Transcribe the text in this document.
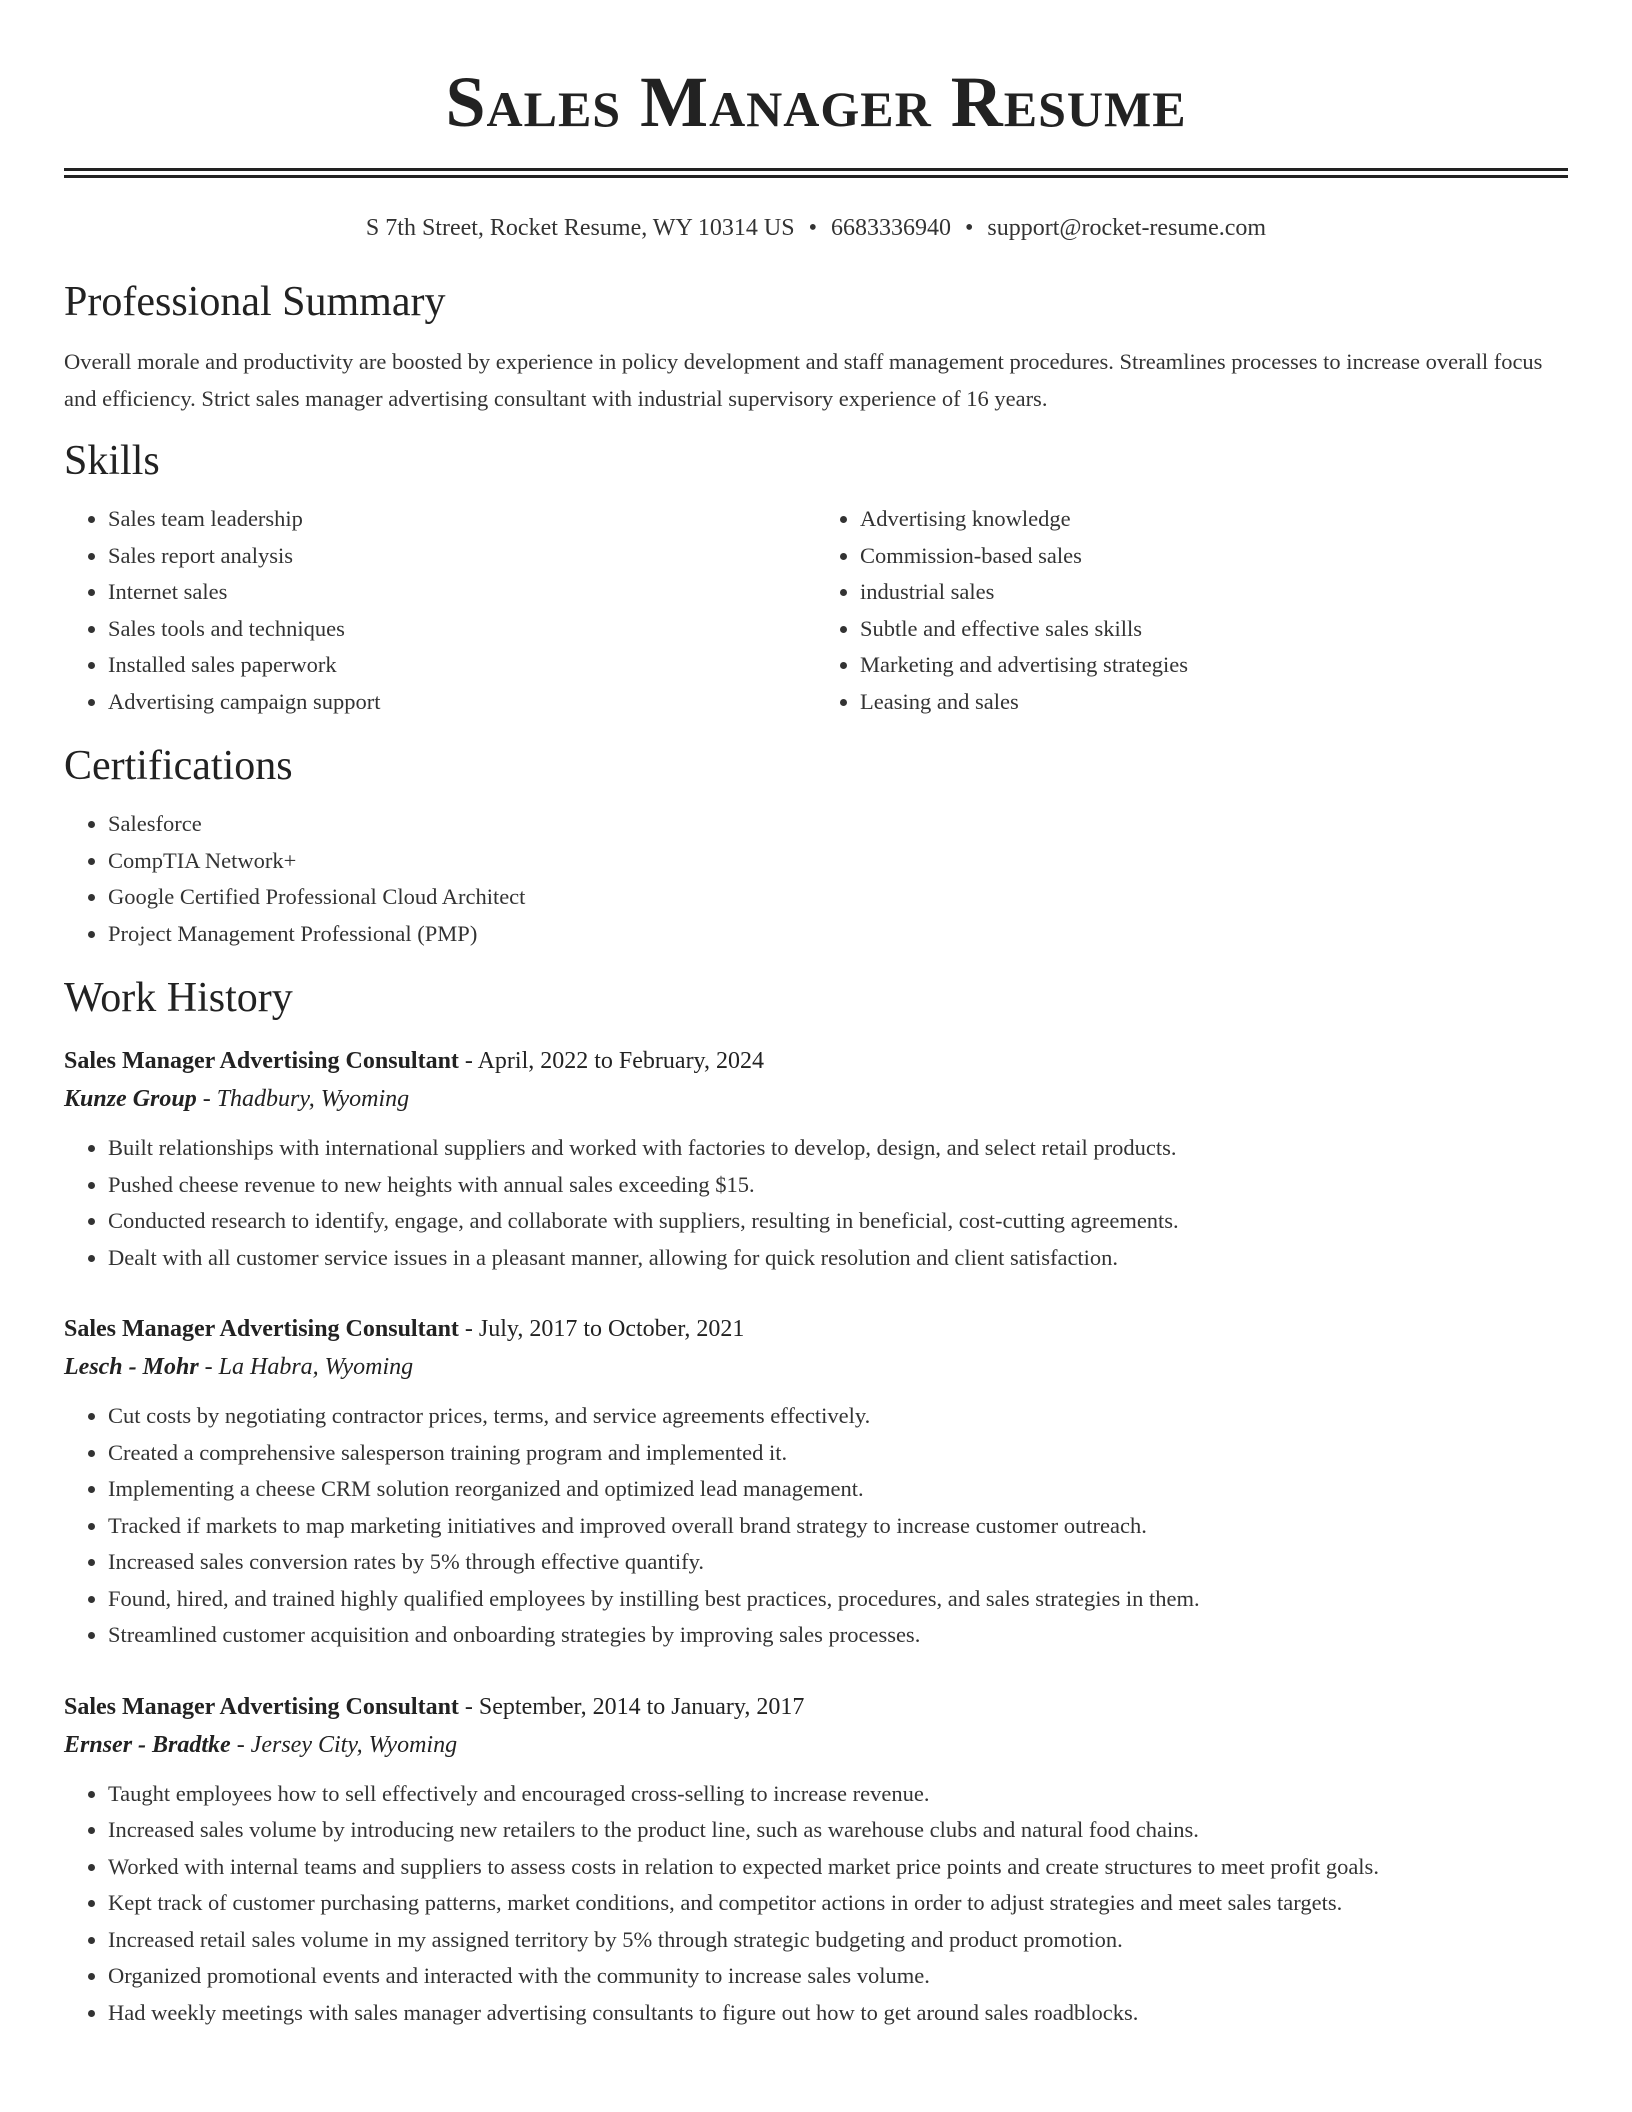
Sales Manager Resume
S 7th Street, Rocket Resume, WY 10314 US • 6683336940 • support@rocket-resume.com
Professional Summary

Overall morale and productivity are boosted by experience in policy development and staff management procedures. Streamlines processes to increase overall focus and efficiency. Strict sales manager advertising consultant with industrial supervisory experience of 16 years.

Skills
• Sales team leadership
• Sales report analysis
• Internet sales
• Sales tools and techniques
• Installed sales paperwork
• Advertising campaign support
• Advertising knowledge
• Commission-based sales
• industrial sales
• Subtle and effective sales skills
• Marketing and advertising strategies
• Leasing and sales
Certifications
• Salesforce
• CompTIA Network+
• Google Certified Professional Cloud Architect
• Project Management Professional (PMP)
Work History
Sales Manager Advertising Consultant - April, 2022 to February, 2024
Kunze Group - Thadbury, Wyoming
• Built relationships with international suppliers and worked with factories to develop, design, and select retail products.
• Pushed cheese revenue to new heights with annual sales exceeding $15.
• Conducted research to identify, engage, and collaborate with suppliers, resulting in beneficial, cost-cutting agreements.
• Dealt with all customer service issues in a pleasant manner, allowing for quick resolution and client satisfaction.
Sales Manager Advertising Consultant - July, 2017 to October, 2021
Lesch - Mohr - La Habra, Wyoming
• Cut costs by negotiating contractor prices, terms, and service agreements effectively.
• Created a comprehensive salesperson training program and implemented it.
• Implementing a cheese CRM solution reorganized and optimized lead management.
• Tracked if markets to map marketing initiatives and improved overall brand strategy to increase customer outreach.
• Increased sales conversion rates by 5% through effective quantify.
• Found, hired, and trained highly qualified employees by instilling best practices, procedures, and sales strategies in them.
• Streamlined customer acquisition and onboarding strategies by improving sales processes.
Sales Manager Advertising Consultant - September, 2014 to January, 2017
Ernser - Bradtke - Jersey City, Wyoming
• Taught employees how to sell effectively and encouraged cross-selling to increase revenue.
• Increased sales volume by introducing new retailers to the product line, such as warehouse clubs and natural food chains.
• Worked with internal teams and suppliers to assess costs in relation to expected market price points and create structures to meet profit goals.
• Kept track of customer purchasing patterns, market conditions, and competitor actions in order to adjust strategies and meet sales targets.
• Increased retail sales volume in my assigned territory by 5% through strategic budgeting and product promotion.
• Organized promotional events and interacted with the community to increase sales volume.
• Had weekly meetings with sales manager advertising consultants to figure out how to get around sales roadblocks.
